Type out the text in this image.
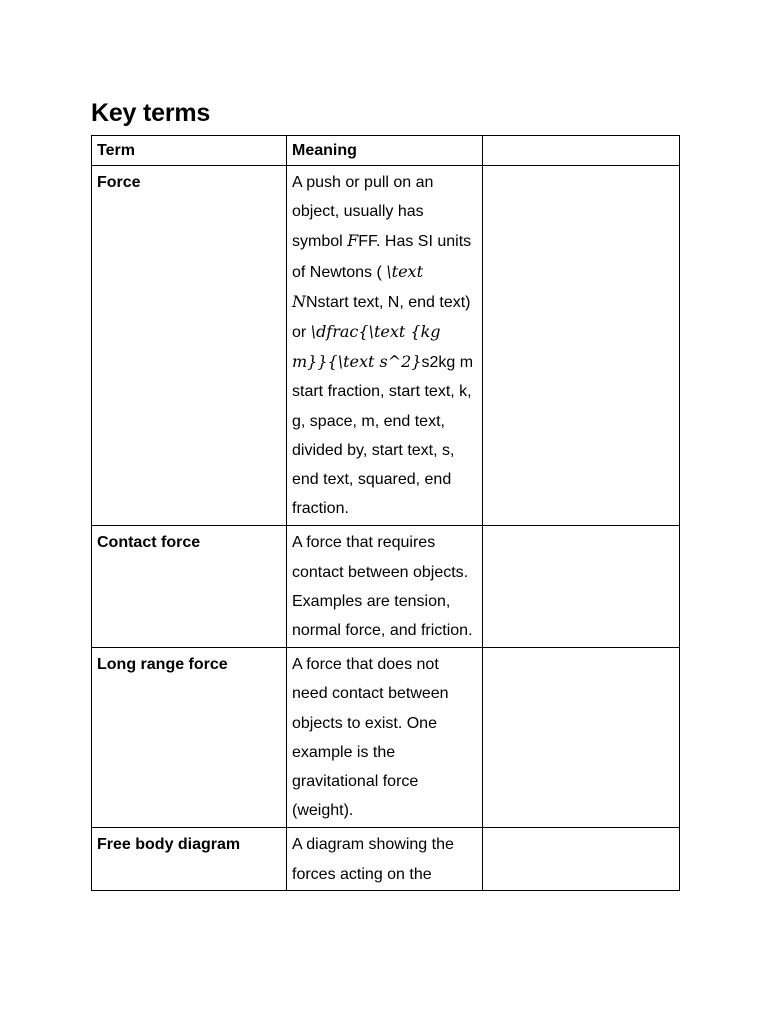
Key terms
Term	Meaning	
Force	A push or pull on an object, usually has symbol FFF. Has SI units of Newtons ( \text NNstart text, N, end text) or \dfrac{\text {kg m}}{\text s^2}s2kg m start fraction, start text, k, g, space, m, end text, divided by, start text, s, end text, squared, end fraction.	
Contact force	A force that requires contact between objects. Examples are tension, normal force, and friction.	
Long range force	A force that does not need contact between objects to exist. One example is the gravitational force (weight).	
Free body diagram	A diagram showing the forces acting on the	
